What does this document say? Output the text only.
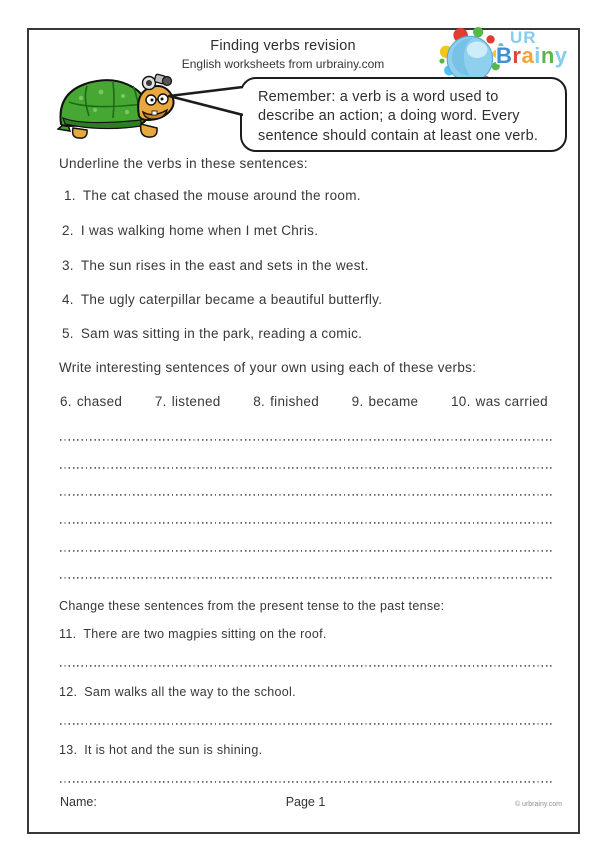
Finding verbs revision
English worksheets from urbrainy.com
UR
Brainy
Remember: a verb is a word used to
describe an action; a doing word. Every
sentence should contain at least one verb.
Underline the verbs in these sentences:
1. The cat chased the mouse around the room.
2. I was walking home when I met Chris.
3. The sun rises in the east and sets in the west.
4. The ugly caterpillar became a beautiful butterfly.
5. Sam was sitting in the park, reading a comic.
Write interesting sentences of your own using each of these verbs:
6. chased 7. listened 8. finished 9. became 10. was carried
Change these sentences from the present tense to the past tense:
11. There are two magpies sitting on the roof.
12. Sam walks all the way to the school.
13. It is hot and the sun is shining.
Name:	Page 1	© urbrainy.com
